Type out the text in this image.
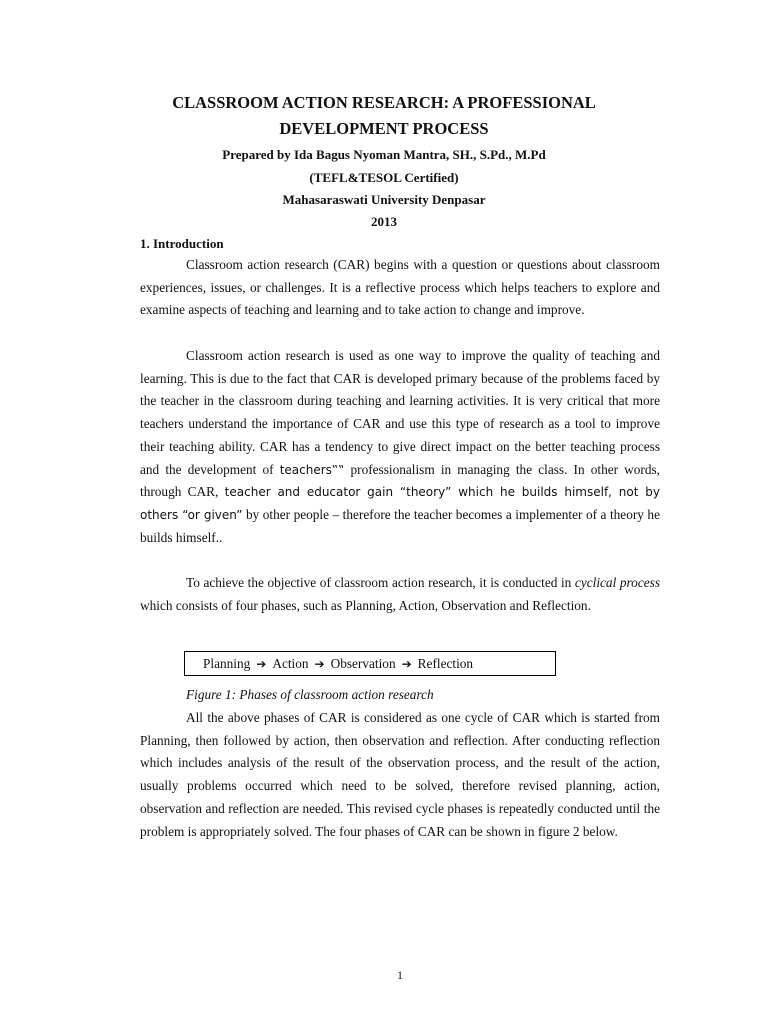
CLASSROOM ACTION RESEARCH: A PROFESSIONAL

DEVELOPMENT PROCESS

Prepared by Ida Bagus Nyoman Mantra, SH., S.Pd., M.Pd

(TEFL&TESOL Certified)

Mahasaraswati University Denpasar

2013

1. Introduction

Classroom action research (CAR) begins with a question or questions about classroom experiences, issues, or challenges. It is a reflective process which helps teachers to explore and examine aspects of teaching and learning and to take action to change and improve.

Classroom action research is used as one way to improve the quality of teaching and learning. This is due to the fact that CAR is developed primary because of the problems faced by the teacher in the classroom during teaching and learning activities. It is very critical that more teachers understand the importance of CAR and use this type of research as a tool to improve their teaching ability. CAR has a tendency to give direct impact on the better teaching process and the development of teachers‟‟ professionalism in managing the class. In other words, through CAR, teacher and educator gain “theory” which he builds himself, not by others “or given” by other people – therefore the teacher becomes a implementer of a theory he builds himself..

To achieve the objective of classroom action research, it is conducted in cyclical process which consists of four phases, such as Planning, Action, Observation and Reflection.

Planning ➔ Action ➔ Observation ➔ Reflection

Figure 1: Phases of classroom action research

All the above phases of CAR is considered as one cycle of CAR which is started from Planning, then followed by action, then observation and reflection. After conducting reflection which includes analysis of the result of the observation process, and the result of the action, usually problems occurred which need to be solved, therefore revised planning, action, observation and reflection are needed. This revised cycle phases is repeatedly conducted until the problem is appropriately solved. The four phases of CAR can be shown in figure 2 below.

1
